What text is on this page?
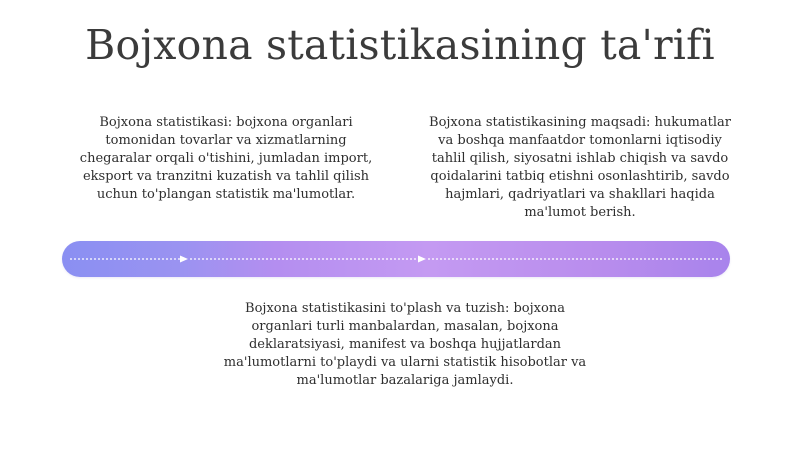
Bojxona statistikasining ta'rifi

Bojxona statistikasi: bojxona organlari tomonidan tovarlar va xizmatlarning chegaralar orqali o'tishini, jumladan import, eksport va tranzitni kuzatish va tahlil qilish uchun to'plangan statistik ma'lumotlar.

Bojxona statistikasining maqsadi: hukumatlar va boshqa manfaatdor tomonlarni iqtisodiy tahlil qilish, siyosatni ishlab chiqish va savdo qoidalarini tatbiq etishni osonlashtirib, savdo hajmlari, qadriyatlari va shakllari haqida ma'lumot berish.

Bojxona statistikasini to'plash va tuzish: bojxona organlari turli manbalardan, masalan, bojxona deklaratsiyasi, manifest va boshqa hujjatlardan ma'lumotlarni to'playdi va ularni statistik hisobotlar va ma'lumotlar bazalariga jamlaydi.
